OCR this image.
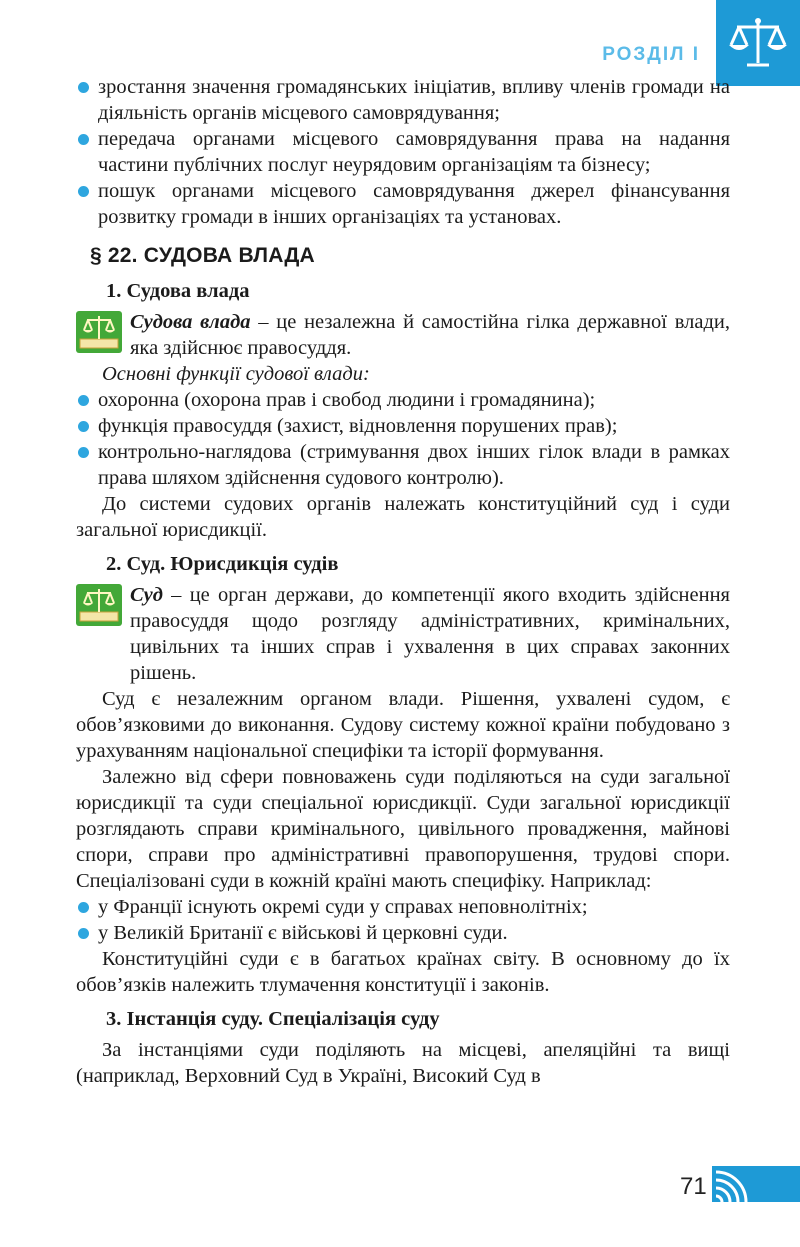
РОЗДІЛ І
зростання значення громадянських ініціатив, впливу членів громади на діяльність органів місцевого самоврядування;
передача органами місцевого самоврядування права на надання частини публічних послуг неурядовим організаціям та бізнесу;
пошук органами місцевого самоврядування джерел фінансування розвитку громади в інших організаціях та установах.
§ 22. СУДОВА ВЛАДА
1. Судова влада

Судова влада – це незалежна й самостійна гілка державної влади, яка здійснює правосуддя.

Основні функції судової влади:

охоронна (охорона прав і свобод людини і громадянина);
функція правосуддя (захист, відновлення порушених прав);
контрольно-наглядова (стримування двох інших гілок влади в рамках права шляхом здійснення судового контролю).

До системи судових органів належать конституційний суд і суди загальної юрисдикції.

2. Суд. Юрисдикція судів

Суд – це орган держави, до компетенції якого входить здійснення правосуддя щодо розгляду адміністративних, кримінальних, цивільних та інших справ і ухвалення в цих справах законних рішень.

Суд є незалежним органом влади. Рішення, ухвалені судом, є обов’язковими до виконання. Судову систему кожної країни побудовано з урахуванням національної специфіки та історії формування.

Залежно від сфери повноважень суди поділяються на суди загальної юрисдикції та суди спеціальної юрисдикції. Суди загальної юрисдикції розглядають справи кримінального, цивільного провадження, майнові спори, справи про адміністративні правопорушення, трудові спори. Спеціалізовані суди в кожній країні мають специфіку. Наприклад:

у Франції існують окремі суди у справах неповнолітніх;
у Великій Британії є військові й церковні суди.

Конституційні суди є в багатьох країнах світу. В основному до їх обов’язків належить тлумачення конституції і законів.

3. Інстанція суду. Спеціалізація суду

За інстанціями суди поділяють на місцеві, апеляційні та вищі (наприклад, Верховний Суд в Україні, Високий Суд в

71
